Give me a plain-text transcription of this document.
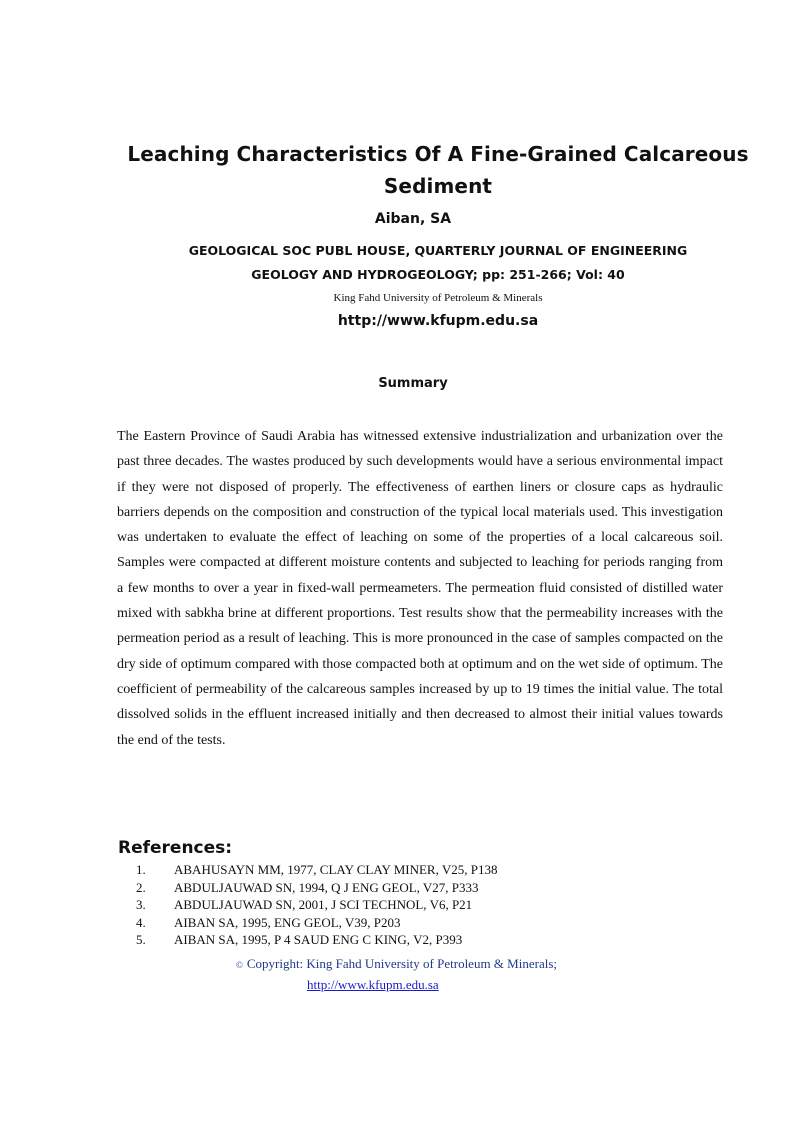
Leaching Characteristics Of A Fine-Grained Calcareous Sediment
Aiban, SA
GEOLOGICAL SOC PUBL HOUSE, QUARTERLY JOURNAL OF ENGINEERING
GEOLOGY AND HYDROGEOLOGY; pp: 251-266; Vol: 40
King Fahd University of Petroleum & Minerals
http://www.kfupm.edu.sa
Summary

The Eastern Province of Saudi Arabia has witnessed extensive industrialization and urbanization over the past three decades. The wastes produced by such developments would have a serious environmental impact if they were not disposed of properly. The effectiveness of earthen liners or closure caps as hydraulic barriers depends on the composition and construction of the typical local materials used. This investigation was undertaken to evaluate the effect of leaching on some of the properties of a local calcareous soil. Samples were compacted at different moisture contents and subjected to leaching for periods ranging from a few months to over a year in fixed-wall permeameters. The permeation fluid consisted of distilled water mixed with sabkha brine at different proportions. Test results show that the permeability increases with the permeation period as a result of leaching. This is more pronounced in the case of samples compacted on the dry side of optimum compared with those compacted both at optimum and on the wet side of optimum. The coefficient of permeability of the calcareous samples increased by up to 19 times the initial value. The total dissolved solids in the effluent increased initially and then decreased to almost their initial values towards the end of the tests.

References:
1. ABAHUSAYN MM, 1977, CLAY CLAY MINER, V25, P138
2. ABDULJAUWAD SN, 1994, Q J ENG GEOL, V27, P333
3. ABDULJAUWAD SN, 2001, J SCI TECHNOL, V6, P21
4. AIBAN SA, 1995, ENG GEOL, V39, P203
5. AIBAN SA, 1995, P 4 SAUD ENG C KING, V2, P393
© Copyright: King Fahd University of Petroleum & Minerals;
http://www.kfupm.edu.sa
